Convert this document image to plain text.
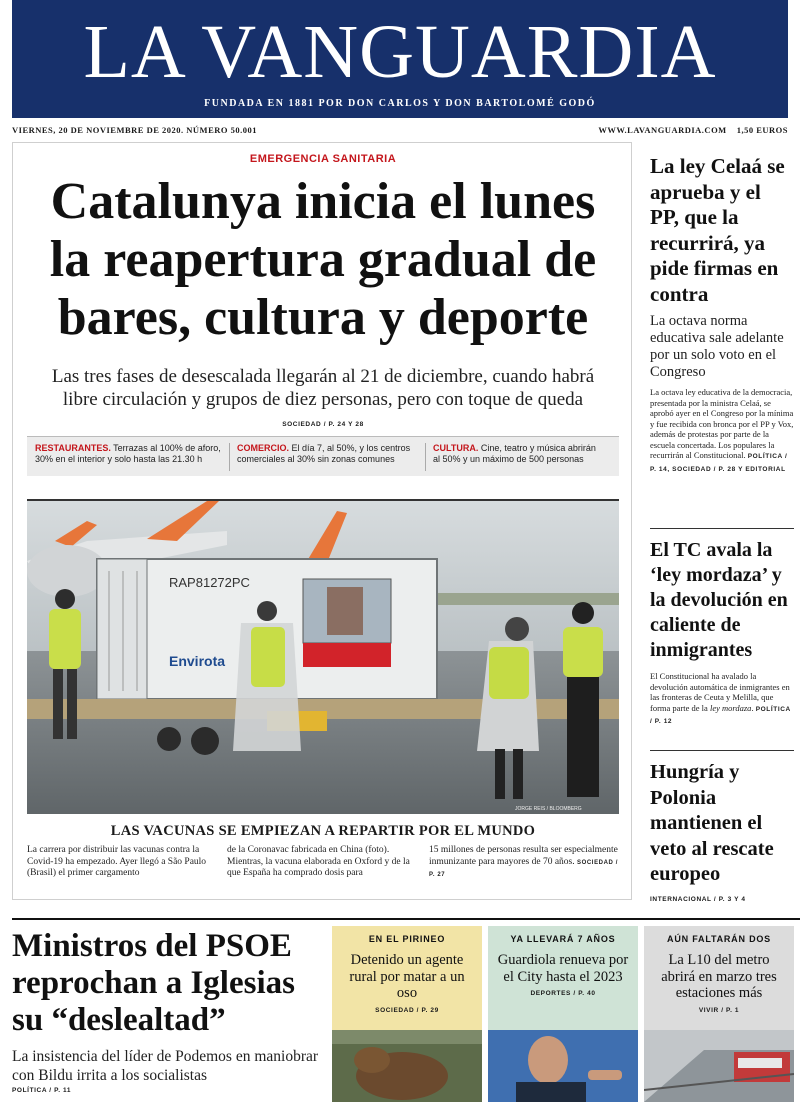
LA VANGUARDIA
FUNDADA EN 1881 POR DON CARLOS Y DON BARTOLOMÉ GODÓ
VIERNES, 20 DE NOVIEMBRE DE 2020. NÚMERO 50.001	WWW.LAVANGUARDIA.COM 1,50 EUROS
EMERGENCIA SANITARIA
Catalunya inicia el lunes
la reapertura gradual de
bares, cultura y deporte
Las tres fases de desescalada llegarán al 21 de diciembre, cuando habrá
libre circulación y grupos de diez personas, pero con toque de queda
SOCIEDAD / P. 24 Y 28
RESTAURANTES. Terrazas al 100% de aforo,
30% en el interior y solo hasta las 21.30 h
COMERCIO. El día 7, al 50%, y los centros
comerciales al 30% sin zonas comunes
CULTURA. Cine, teatro y música abrirán
al 50% y un máximo de 500 personas
RAP81272PC
Envirota
JORGE REIS / BLOOMBERG
LAS VACUNAS SE EMPIEZAN A REPARTIR POR EL MUNDO
La carrera por distribuir las vacunas contra la Covid-19 ha empezado. Ayer llegó a São Paulo (Brasil) el primer cargamento
de la Coronavac fabricada en China (foto). Mientras, la vacuna elaborada en Oxford y de la que España ha comprado dosis para
15 millones de personas resulta ser especialmente inmunizante para mayores de 70 años. SOCIEDAD / P. 27
La ley Celaá se aprueba y el PP, que la recurrirá, ya pide firmas en contra
La octava norma educativa sale adelante por un solo voto en el Congreso
La octava ley educativa de la democracia, presentada por la ministra Celaá, se aprobó ayer en el Congreso por la mínima y fue recibida con bronca por el PP y Vox, además de protestas por parte de la escuela concertada. Los populares la recurrirán al Constitucional. POLÍTICA / P. 14, SOCIEDAD / P. 28 Y EDITORIAL
El TC avala la ‘ley mordaza’ y la devolución en caliente de inmigrantes
El Constitucional ha avalado la devolución automática de inmigrantes en las fronteras de Ceuta y Melilla, que forma parte de la ley mordaza. POLÍTICA / P. 12
Hungría y Polonia mantienen el veto al rescate europeo
INTERNACIONAL / P. 3 Y 4
Ministros del PSOE reprochan a Iglesias su “deslealtad”
La insistencia del líder de Podemos en maniobrar con Bildu irrita a los socialistas
POLÍTICA / P. 11
EN EL PIRINEO
Detenido un agente rural por matar a un oso
SOCIEDAD / P. 29
YA LLEVARÁ 7 AÑOS
Guardiola renueva por el City hasta el 2023
DEPORTES / P. 40
AÚN FALTARÁN DOS
La L10 del metro abrirá en marzo tres estaciones más
VIVIR / P. 1
